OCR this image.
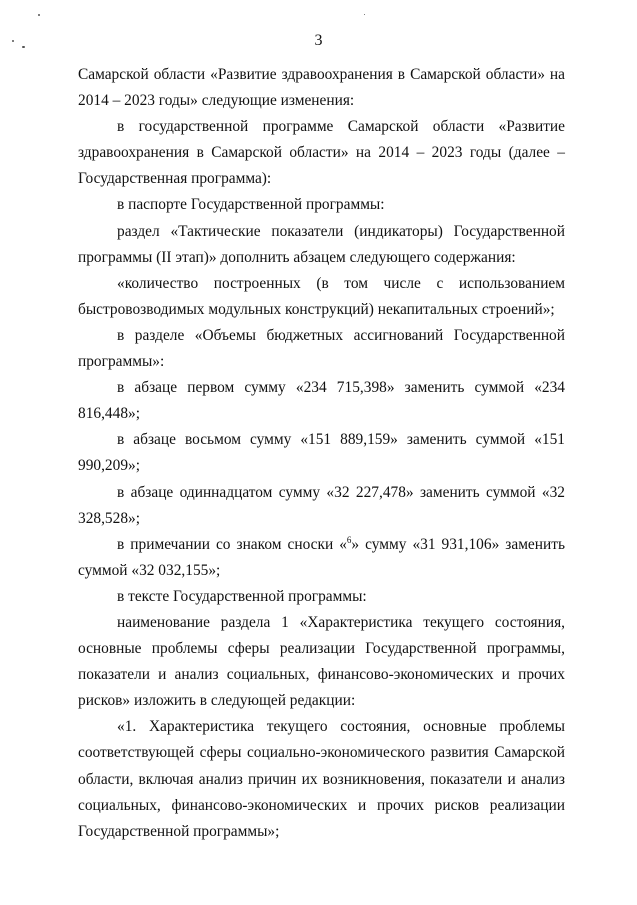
3

Самарской области «Развитие здравоохранения в Самарской области» на 2014 – 2023 годы» следующие изменения:

в государственной программе Самарской области «Развитие здравоохранения в Самарской области» на 2014 – 2023 годы (далее – Государственная программа):

в паспорте Государственной программы:

раздел «Тактические показатели (индикаторы) Государственной программы (II этап)» дополнить абзацем следующего содержания:

«количество построенных (в том числе с использованием быстровозводимых модульных конструкций) некапитальных строений»;

в разделе «Объемы бюджетных ассигнований Государственной программы»:

в абзаце первом сумму «234 715,398» заменить суммой «234 816,448»;

в абзаце восьмом сумму «151 889,159» заменить суммой «151 990,209»;

в абзаце одиннадцатом сумму «32 227,478» заменить суммой «32 328,528»;

в примечании со знаком сноски «$^6$» сумму «31 931,106» заменить суммой «32 032,155»;

в тексте Государственной программы:

наименование раздела 1 «Характеристика текущего состояния, основные проблемы сферы реализации Государственной программы, показатели и анализ социальных, финансово-экономических и прочих рисков» изложить в следующей редакции:

«1. Характеристика текущего состояния, основные проблемы соответствующей сферы социально-экономического развития Самарской области, включая анализ причин их возникновения, показатели и анализ социальных, финансово-экономических и прочих рисков реализации Государственной программы»;
